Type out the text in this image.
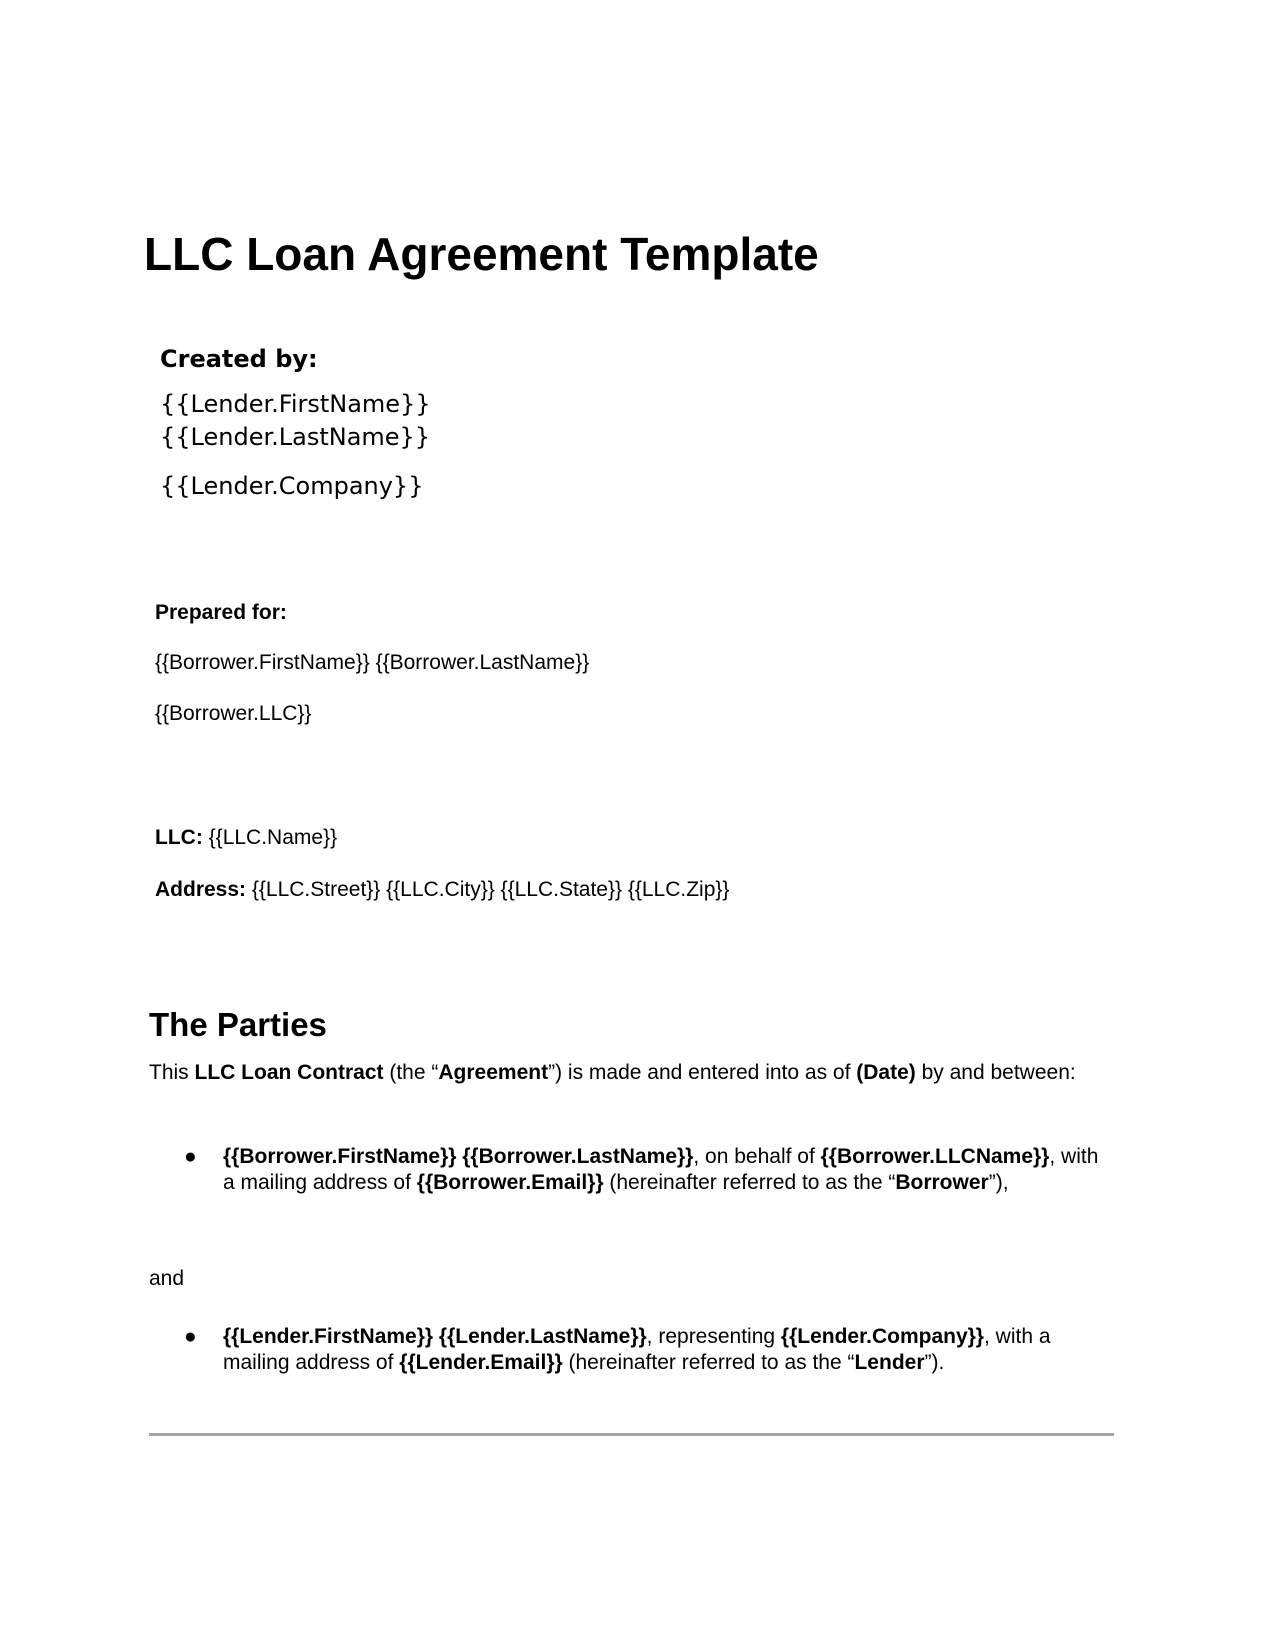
LLC Loan Agreement Template
Created by:
{{Lender.FirstName}}
{{Lender.LastName}}
{{Lender.Company}}
Prepared for:
{{Borrower.FirstName}} {{Borrower.LastName}}
{{Borrower.LLC}}
LLC: {{LLC.Name}}
Address: {{LLC.Street}} {{LLC.City}} {{LLC.State}} {{LLC.Zip}}
The Parties
This LLC Loan Contract (the “Agreement”) is made and entered into as of (Date) by and between:
● {{Borrower.FirstName}} {{Borrower.LastName}}, on behalf of {{Borrower.LLCName}}, with a mailing address of {{Borrower.Email}} (hereinafter referred to as the “Borrower”),
and
● {{Lender.FirstName}} {{Lender.LastName}}, representing {{Lender.Company}}, with a mailing address of {{Lender.Email}} (hereinafter referred to as the “Lender”).
